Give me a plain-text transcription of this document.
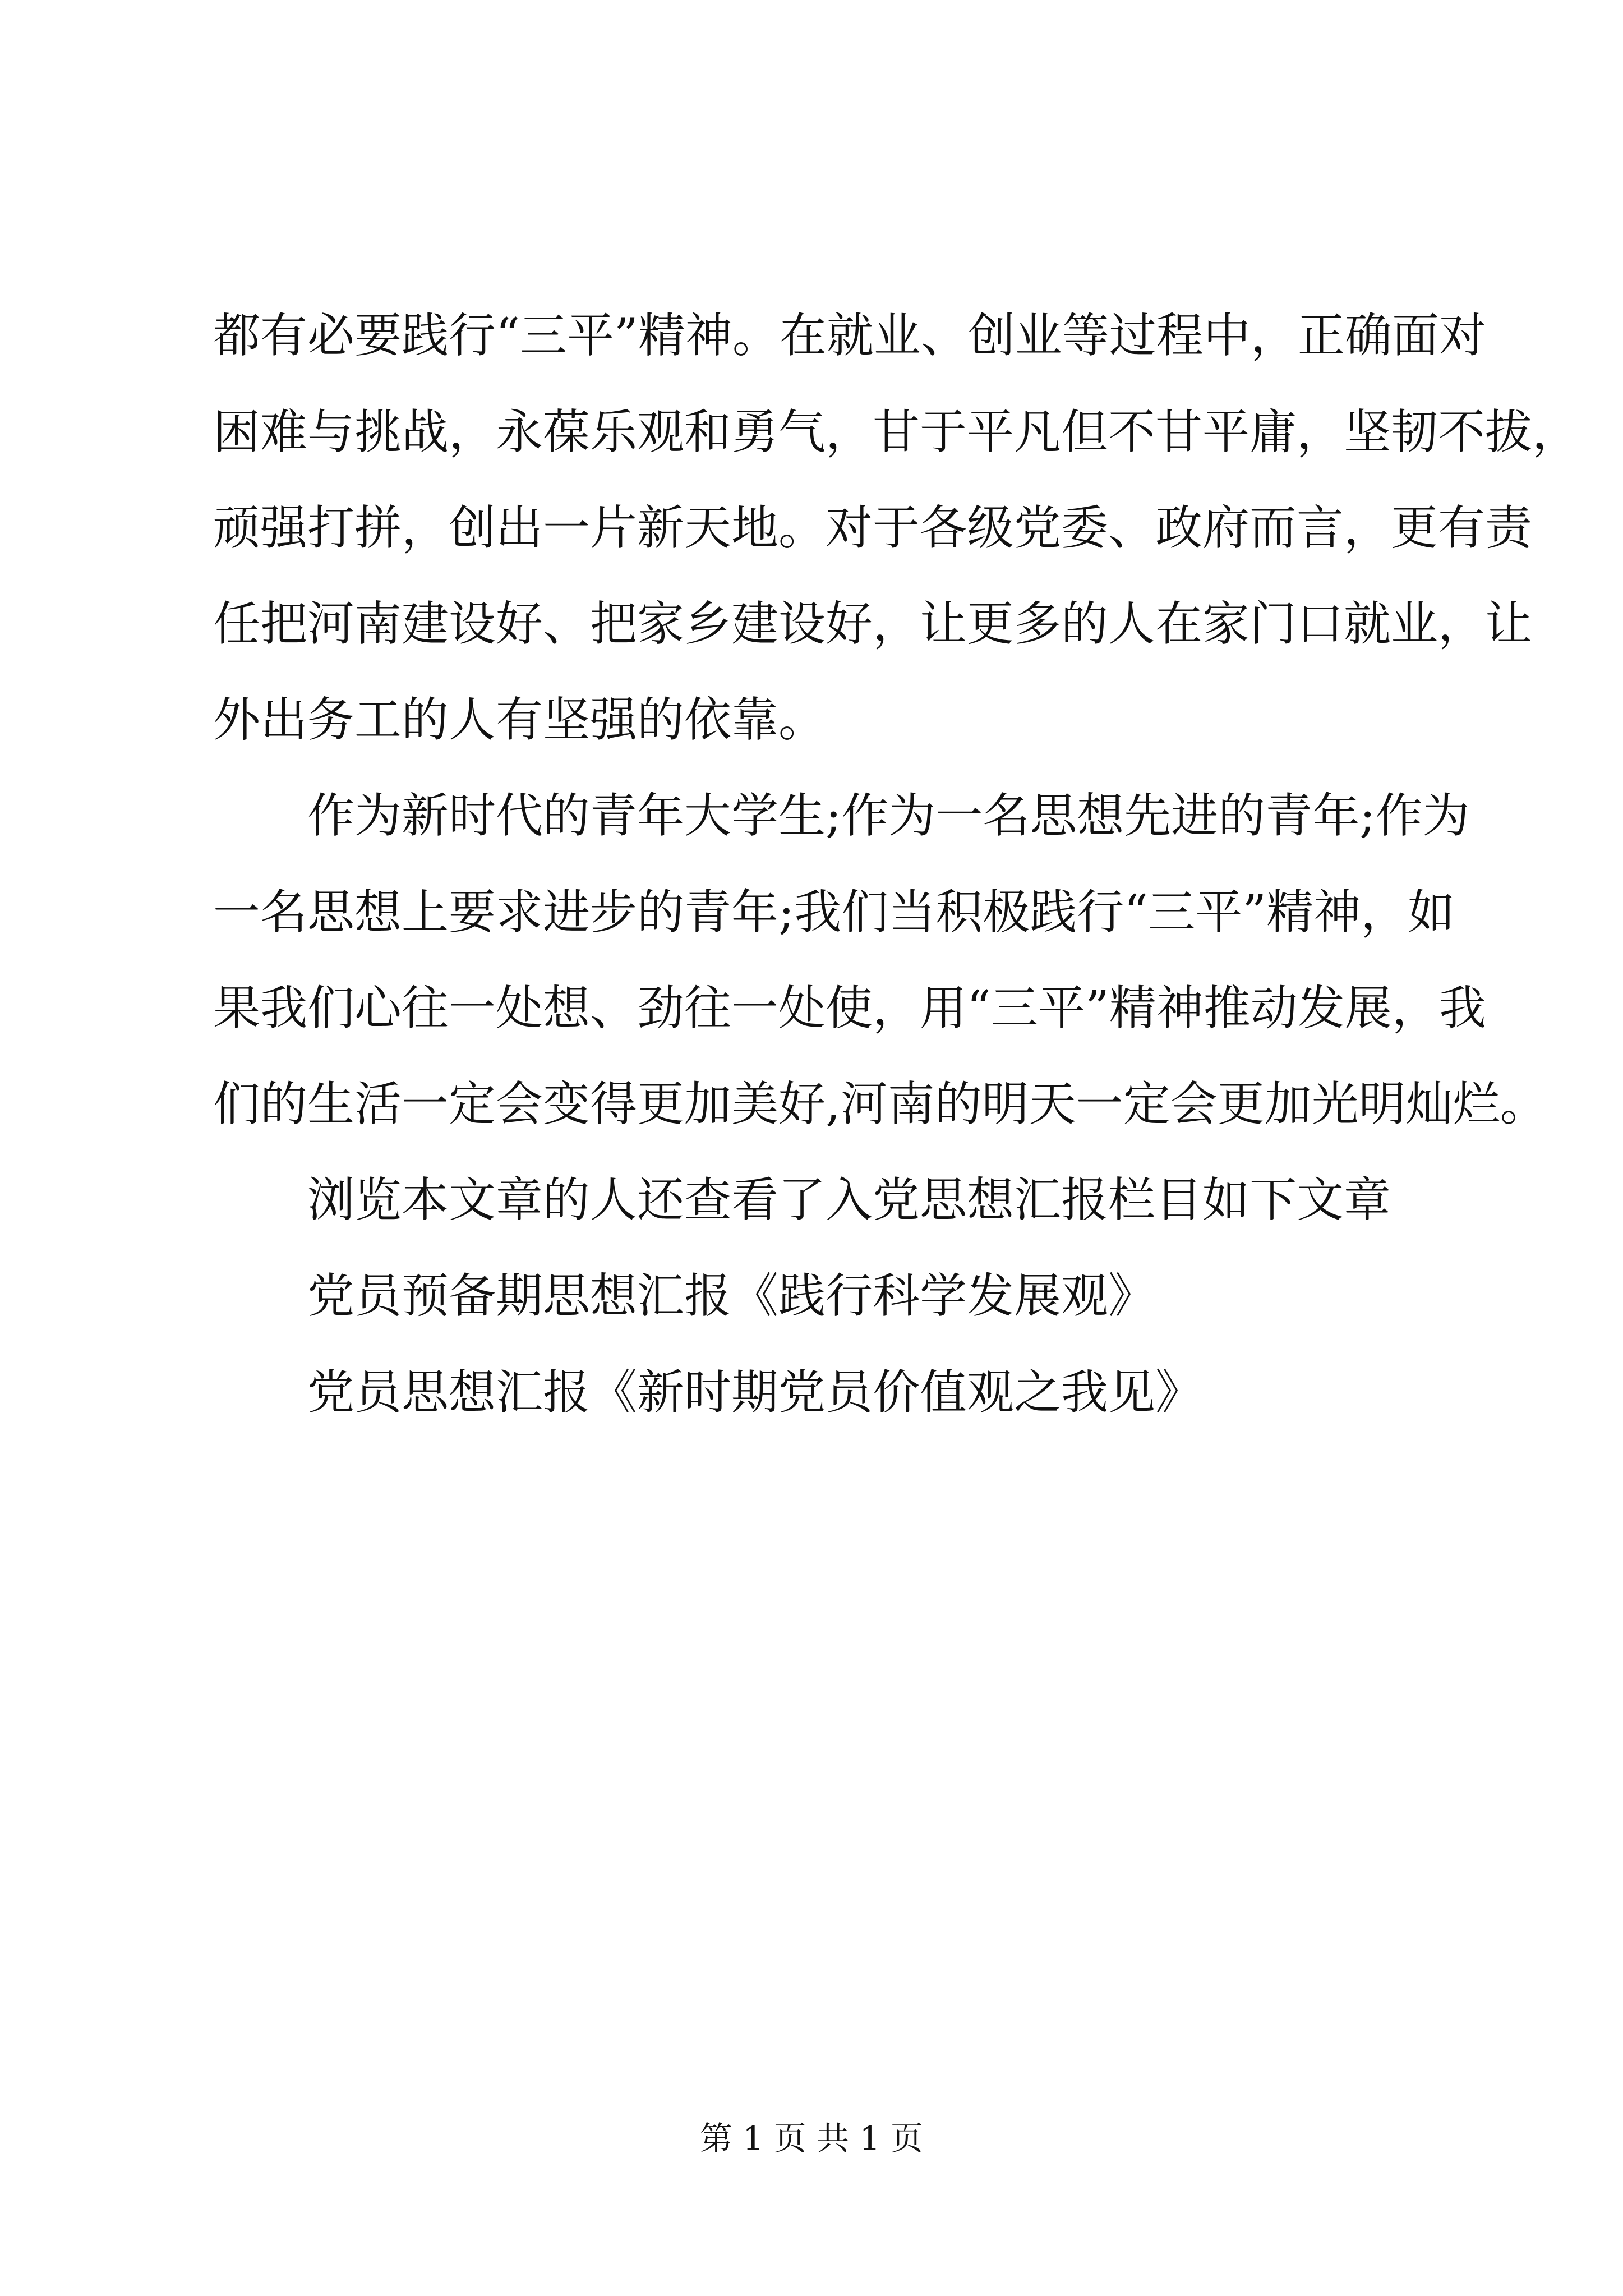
都有必要践行“三平”精神。在就业、创业等过程中，正确面对
困难与挑战，永葆乐观和勇气，甘于平凡但不甘平庸，坚韧不拔，
顽强打拼，创出一片新天地。对于各级党委、政府而言，更有责
任把河南建设好、把家乡建设好，让更多的人在家门口就业，让
外出务工的人有坚强的依靠。
作为新时代的青年大学生;作为一名思想先进的青年;作为
一名思想上要求进步的青年;我们当积极践行“三平”精神，如
果我们心往一处想、劲往一处使，用“三平”精神推动发展，我
们的生活一定会变得更加美好,河南的明天一定会更加光明灿烂。
浏览本文章的人还查看了入党思想汇报栏目如下文章
党员预备期思想汇报《践行科学发展观》
党员思想汇报《新时期党员价值观之我见》
第 1 页 共 1 页
